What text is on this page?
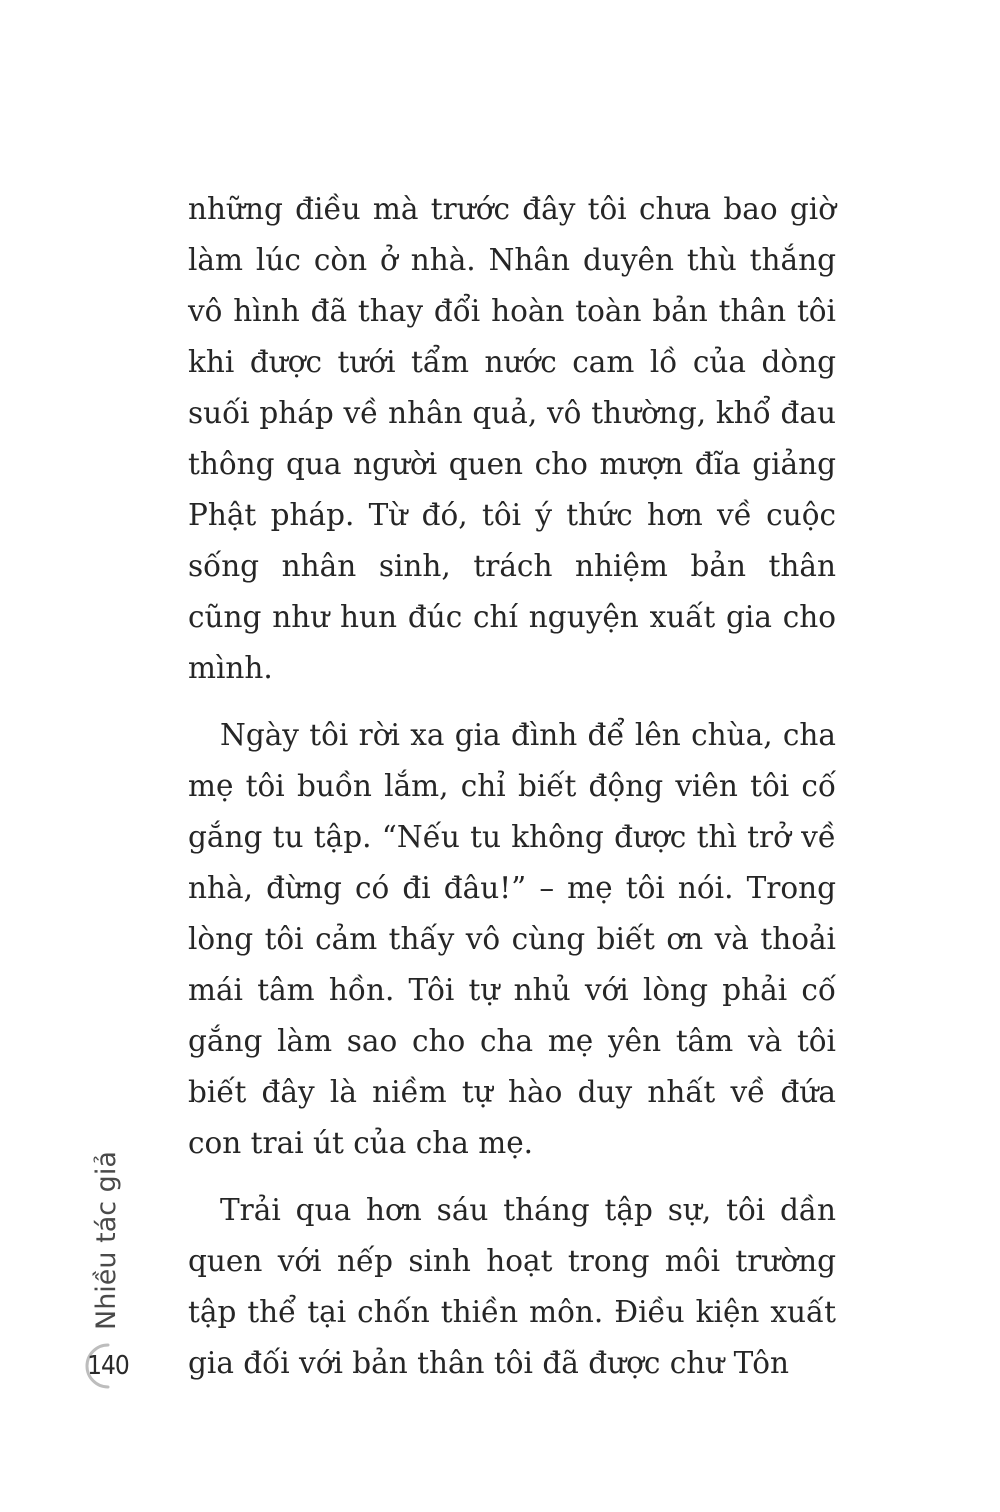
những điều mà trước đây tôi chưa bao giờ làm lúc còn ở nhà. Nhân duyên thù thắng vô hình đã thay đổi hoàn toàn bản thân tôi khi được tưới tẩm nước cam lồ của dòng suối pháp về nhân quả, vô thường, khổ đau thông qua người quen cho mượn đĩa giảng Phật pháp. Từ đó, tôi ý thức hơn về cuộc sống nhân sinh, trách nhiệm bản thân cũng như hun đúc chí nguyện xuất gia cho mình.

Ngày tôi rời xa gia đình để lên chùa, cha mẹ tôi buồn lắm, chỉ biết động viên tôi cố gắng tu tập. “Nếu tu không được thì trở về nhà, đừng có đi đâu!” – mẹ tôi nói. Trong lòng tôi cảm thấy vô cùng biết ơn và thoải mái tâm hồn. Tôi tự nhủ với lòng phải cố gắng làm sao cho cha mẹ yên tâm và tôi biết đây là niềm tự hào duy nhất về đứa con trai út của cha mẹ.

Trải qua hơn sáu tháng tập sự, tôi dần quen với nếp sinh hoạt trong môi trường tập thể tại chốn thiền môn. Điều kiện xuất gia đối với bản thân tôi đã được chư Tôn

Nhiều tác giả
140
